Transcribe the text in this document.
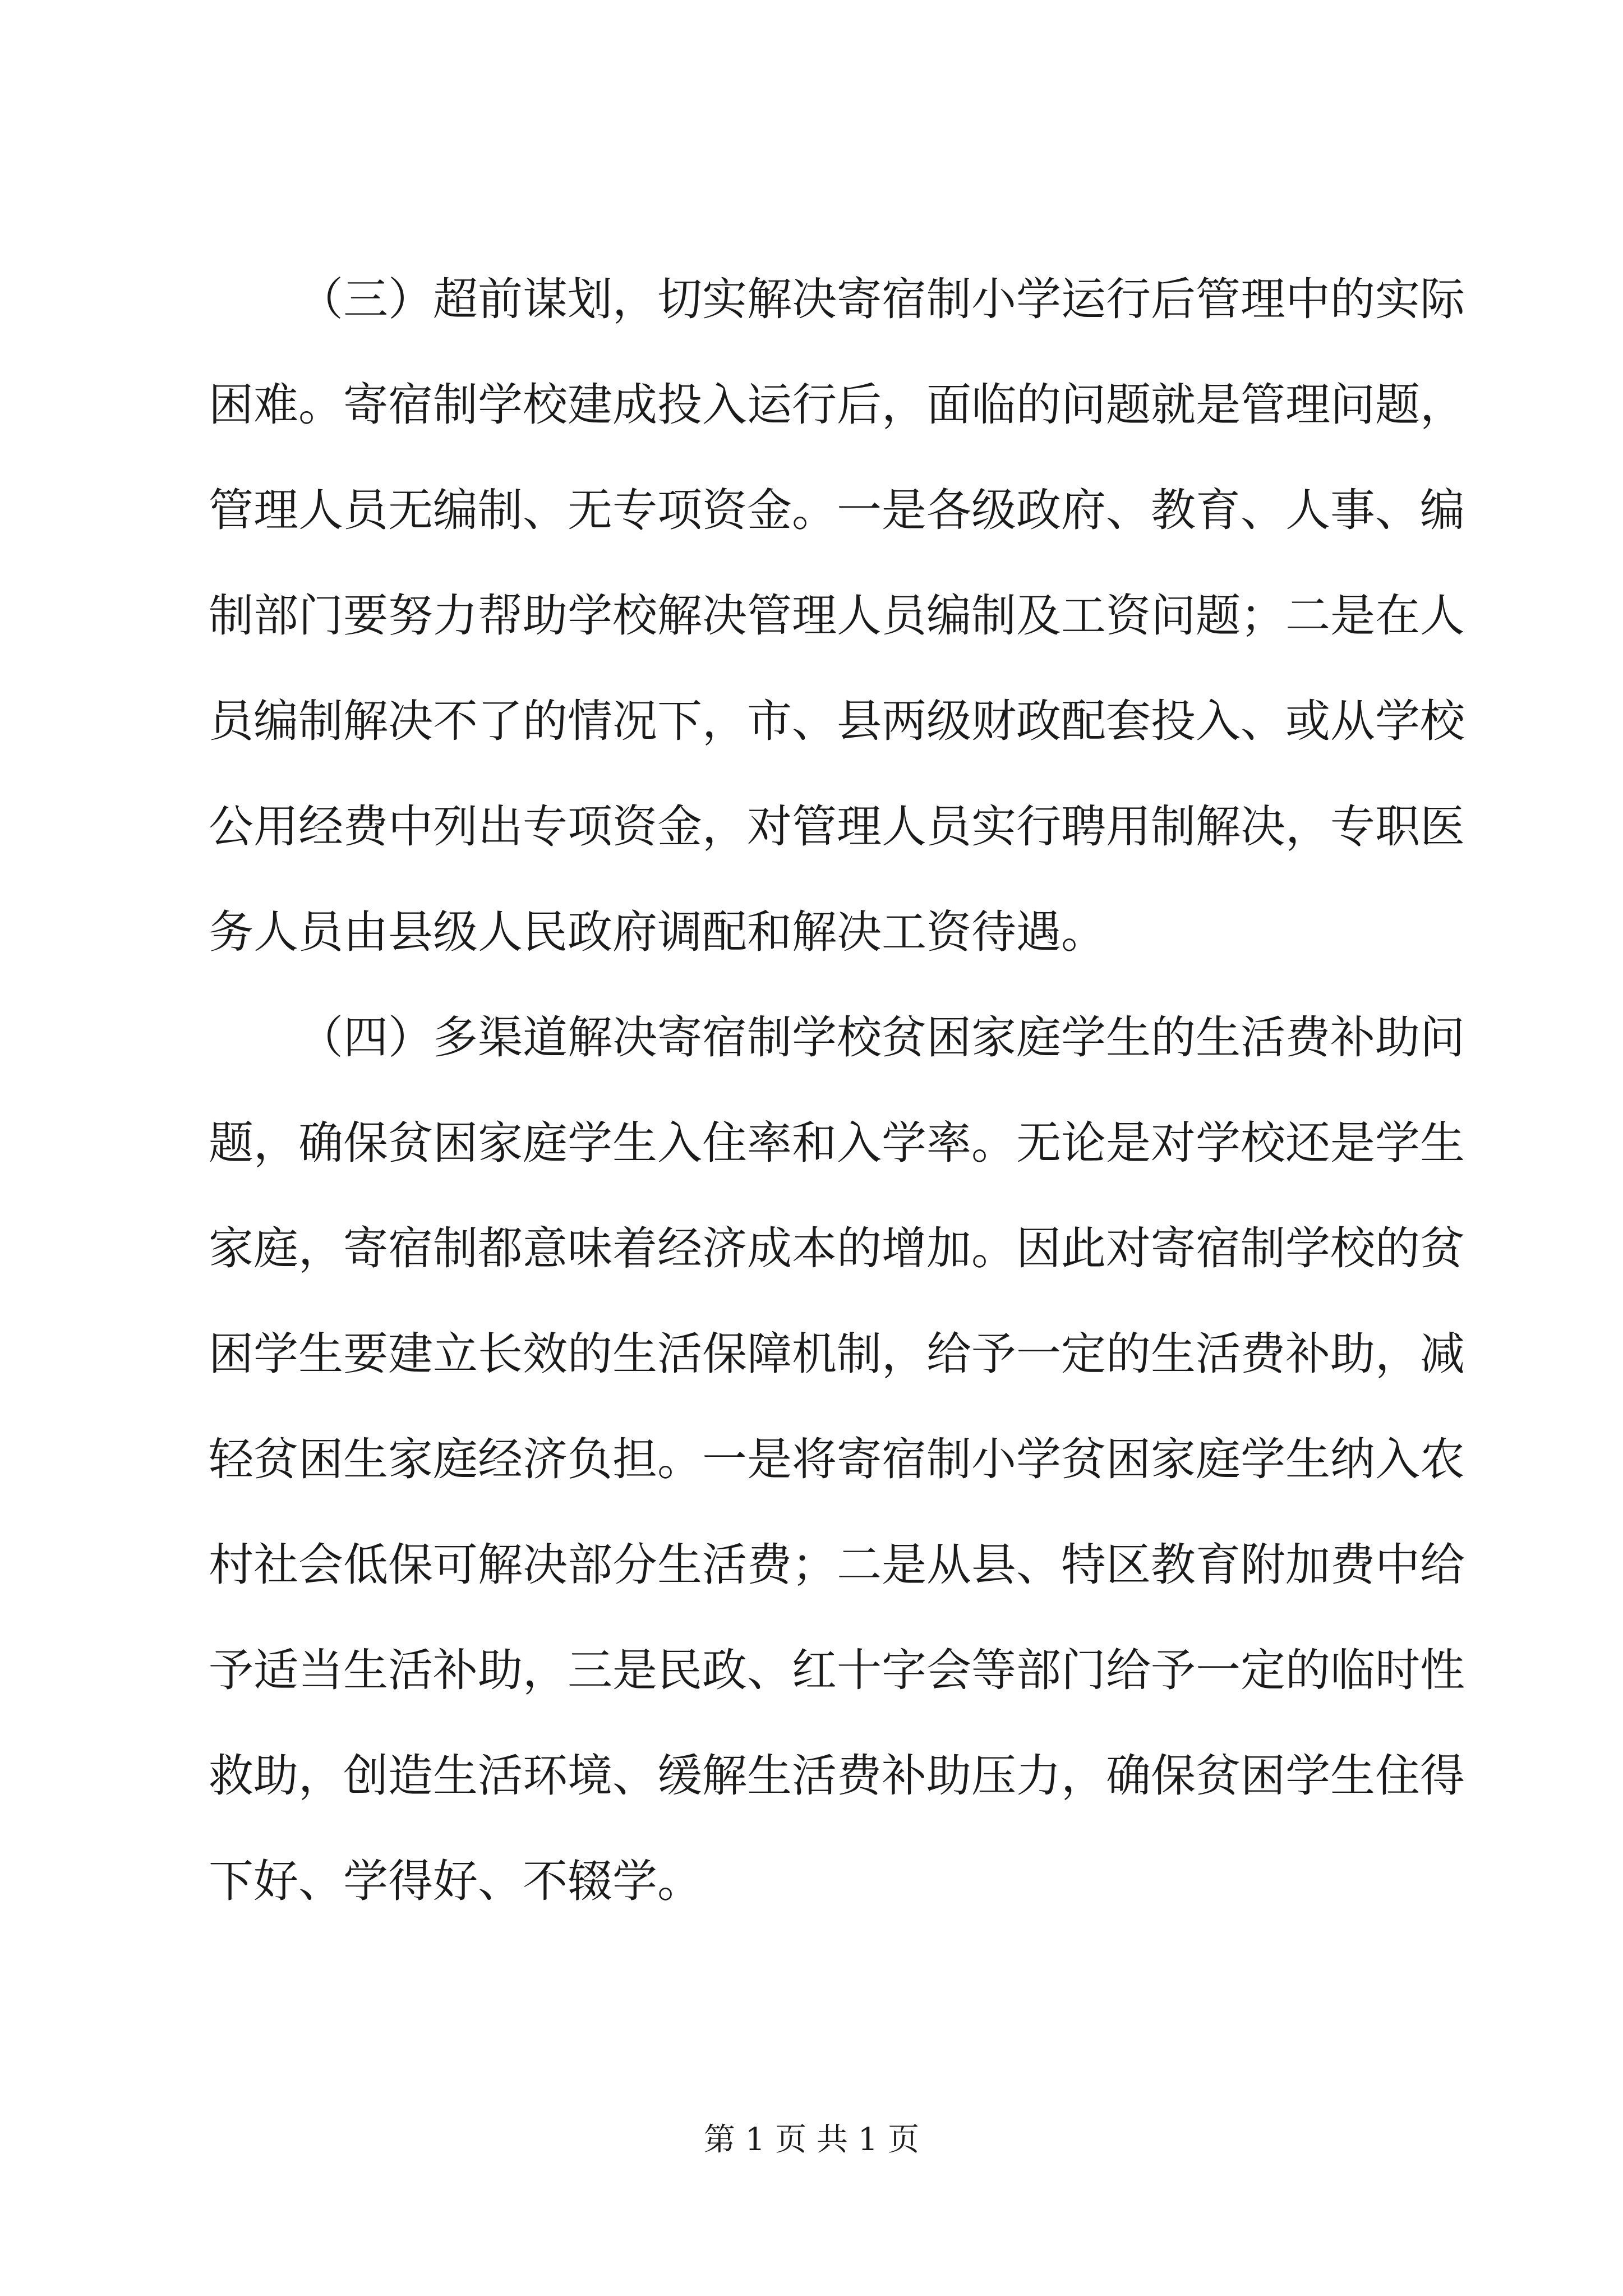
（三）超前谋划，切实解决寄宿制小学运行后管理中的实际
困难。寄宿制学校建成投入运行后，面临的问题就是管理问题，
管理人员无编制、无专项资金。一是各级政府、教育、人事、编
制部门要努力帮助学校解决管理人员编制及工资问题；二是在人
员编制解决不了的情况下，市、县两级财政配套投入、或从学校
公用经费中列出专项资金，对管理人员实行聘用制解决，专职医
务人员由县级人民政府调配和解决工资待遇。
（四）多渠道解决寄宿制学校贫困家庭学生的生活费补助问
题，确保贫困家庭学生入住率和入学率。无论是对学校还是学生
家庭，寄宿制都意味着经济成本的增加。因此对寄宿制学校的贫
困学生要建立长效的生活保障机制，给予一定的生活费补助，减
轻贫困生家庭经济负担。一是将寄宿制小学贫困家庭学生纳入农
村社会低保可解决部分生活费；二是从县、特区教育附加费中给
予适当生活补助，三是民政、红十字会等部门给予一定的临时性
救助，创造生活环境、缓解生活费补助压力，确保贫困学生住得
下好、学得好、不辍学。
第 1 页 共 1 页
